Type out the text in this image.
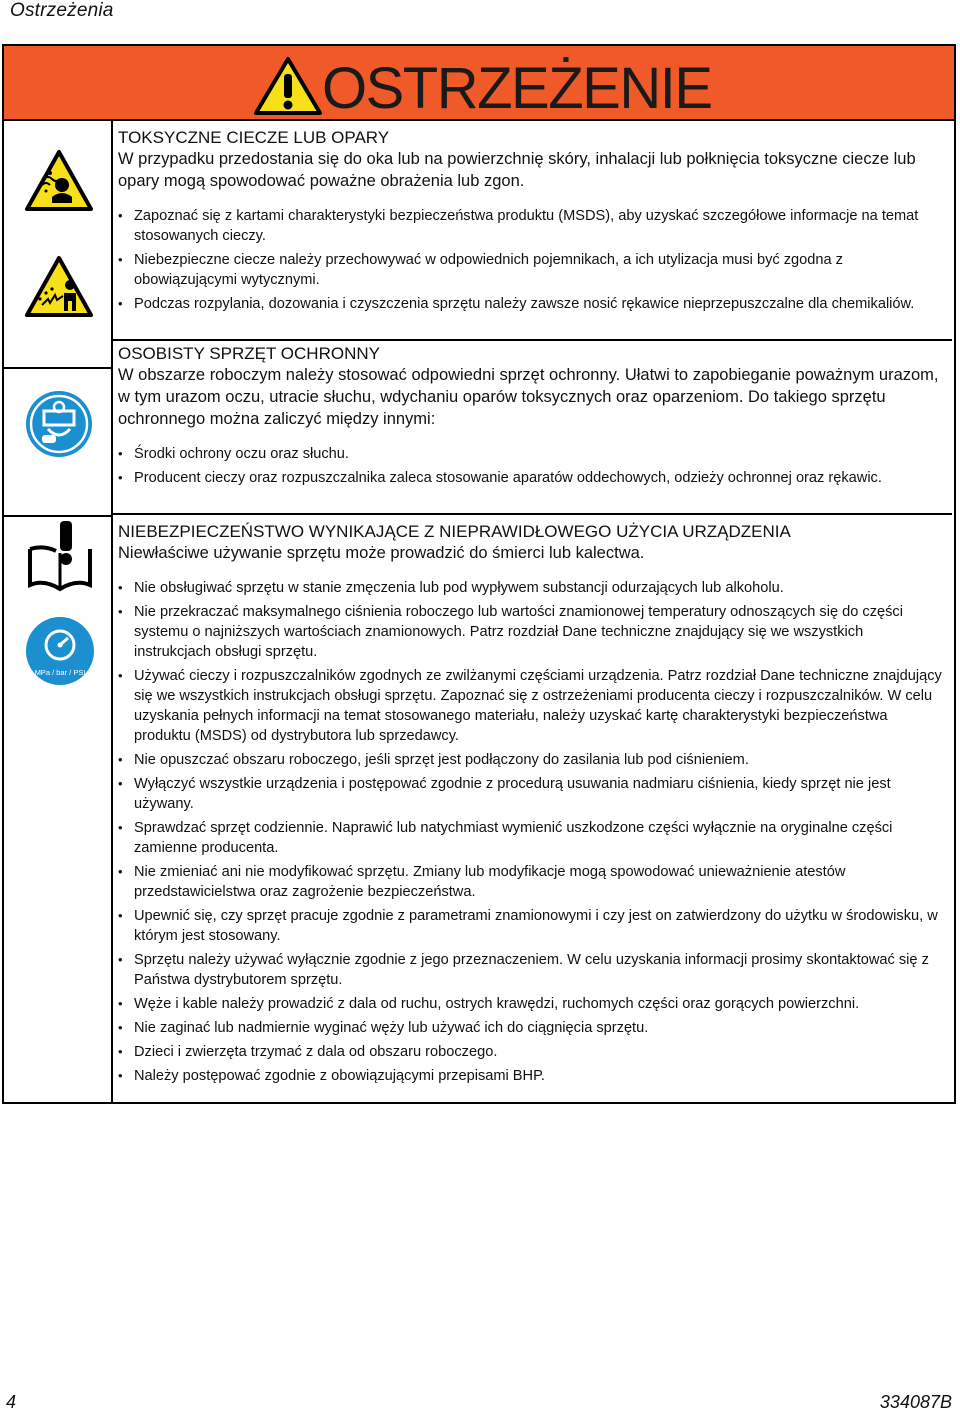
Ostrzeżenia
OSTRZEŻENIE
MPa / bar / PSI

TOKSYCZNE CIECZE LUB OPARY

W przypadku przedostania się do oka lub na powierzchnię skóry, inhalacji lub połknięcia toksyczne ciecze lub opary mogą spowodować poważne obrażenia lub zgon.

• Zapoznać się z kartami charakterystyki bezpieczeństwa produktu (MSDS), aby uzyskać szczegółowe informacje na temat stosowanych cieczy.
• Niebezpieczne ciecze należy przechowywać w odpowiednich pojemnikach, a ich utylizacja musi być zgodna z obowiązującymi wytycznymi.
• Podczas rozpylania, dozowania i czyszczenia sprzętu należy zawsze nosić rękawice nieprzepuszczalne dla chemikaliów.

OSOBISTY SPRZĘT OCHRONNY

W obszarze roboczym należy stosować odpowiedni sprzęt ochronny. Ułatwi to zapobieganie poważnym urazom, w tym urazom oczu, utracie słuchu, wdychaniu oparów toksycznych oraz oparzeniom. Do takiego sprzętu ochronnego można zaliczyć między innymi:

• Środki ochrony oczu oraz słuchu.
• Producent cieczy oraz rozpuszczalnika zaleca stosowanie aparatów oddechowych, odzieży ochronnej oraz rękawic.

NIEBEZPIECZEŃSTWO WYNIKAJĄCE Z NIEPRAWIDŁOWEGO UŻYCIA URZĄDZENIA

Niewłaściwe używanie sprzętu może prowadzić do śmierci lub kalectwa.

• Nie obsługiwać sprzętu w stanie zmęczenia lub pod wypływem substancji odurzających lub alkoholu.
• Nie przekraczać maksymalnego ciśnienia roboczego lub wartości znamionowej temperatury odnoszących się do części systemu o najniższych wartościach znamionowych. Patrz rozdział Dane techniczne znajdujący się we wszystkich instrukcjach obsługi sprzętu.
• Używać cieczy i rozpuszczalników zgodnych ze zwilżanymi częściami urządzenia. Patrz rozdział Dane techniczne znajdujący się we wszystkich instrukcjach obsługi sprzętu. Zapoznać się z ostrzeżeniami producenta cieczy i rozpuszczalników. W celu uzyskania pełnych informacji na temat stosowanego materiału, należy uzyskać kartę charakterystyki bezpieczeństwa produktu (MSDS) od dystrybutora lub sprzedawcy.
• Nie opuszczać obszaru roboczego, jeśli sprzęt jest podłączony do zasilania lub pod ciśnieniem.
• Wyłączyć wszystkie urządzenia i postępować zgodnie z procedurą usuwania nadmiaru ciśnienia, kiedy sprzęt nie jest używany.
• Sprawdzać sprzęt codziennie. Naprawić lub natychmiast wymienić uszkodzone części wyłącznie na oryginalne części zamienne producenta.
• Nie zmieniać ani nie modyfikować sprzętu. Zmiany lub modyfikacje mogą spowodować unieważnienie atestów przedstawicielstwa oraz zagrożenie bezpieczeństwa.
• Upewnić się, czy sprzęt pracuje zgodnie z parametrami znamionowymi i czy jest on zatwierdzony do użytku w środowisku, w którym jest stosowany.
• Sprzętu należy używać wyłącznie zgodnie z jego przeznaczeniem. W celu uzyskania informacji prosimy skontaktować się z Państwa dystrybutorem sprzętu.
• Węże i kable należy prowadzić z dala od ruchu, ostrych krawędzi, ruchomych części oraz gorących powierzchni.
• Nie zaginać lub nadmiernie wyginać węży lub używać ich do ciągnięcia sprzętu.
• Dzieci i zwierzęta trzymać z dala od obszaru roboczego.
• Należy postępować zgodnie z obowiązującymi przepisami BHP.
4	334087B
